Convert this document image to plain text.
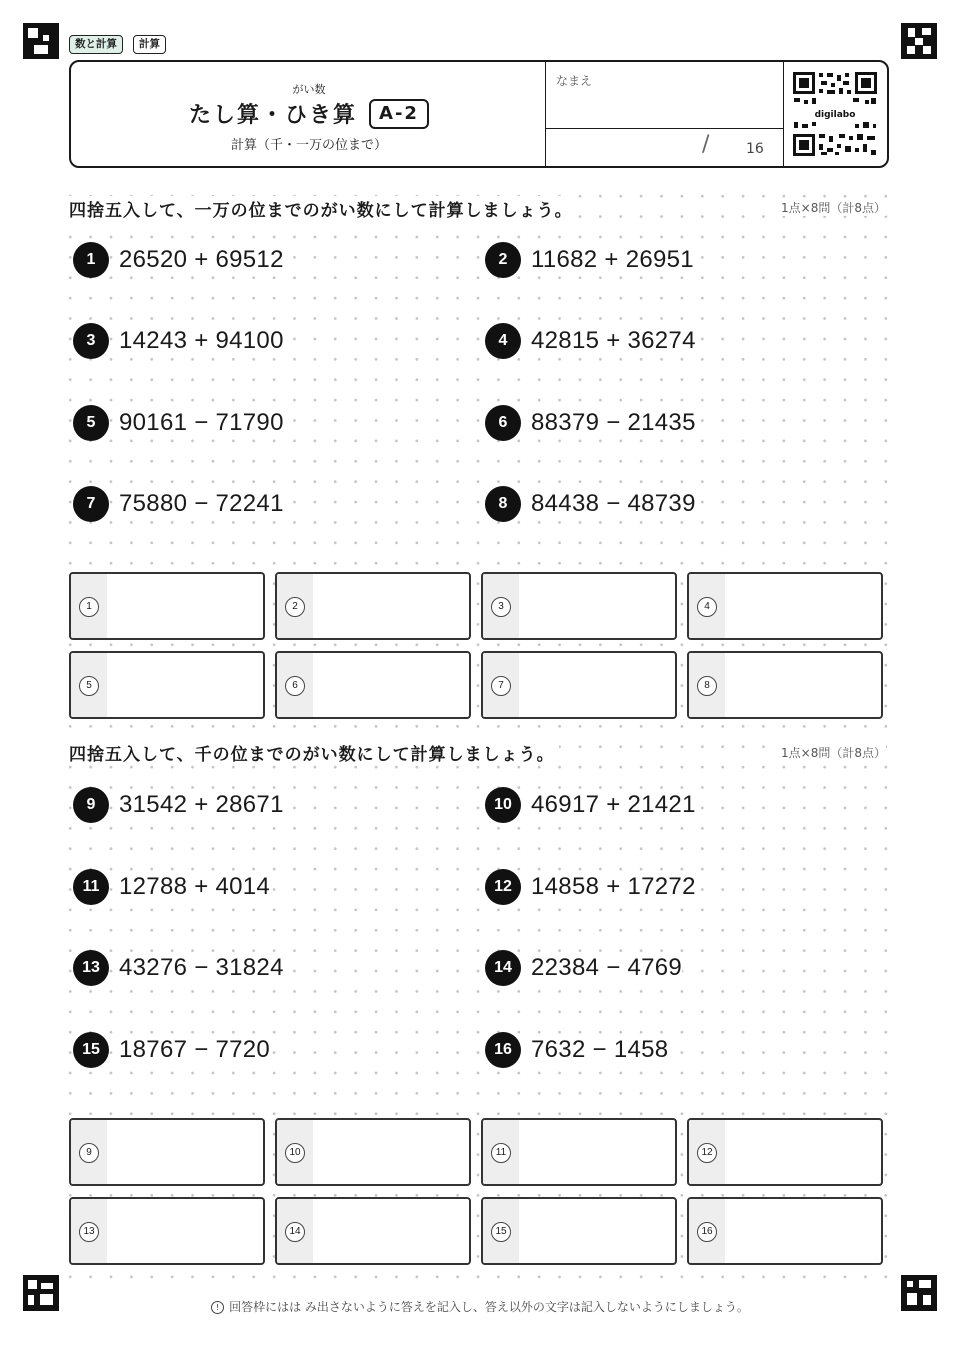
数と計算	計算
がい数
たし算・ひき算	A-2
計算（千・一万の位まで）
なまえ
/	16
digilabo
四捨五入して、一万の位までのがい数にして計算しましょう。	1点×8問（計8点）
1 26520 + 69512	2 11682 + 26951
3 14243 + 94100	4 42815 + 36274
5 90161 − 71790	6 88379 − 21435
7 75880 − 72241	8 84438 − 48739
1	2	3	4
5	6	7	8
四捨五入して、千の位までのがい数にして計算しましょう。	1点×8問（計8点）
9 31542 + 28671	10 46917 + 21421
11 12788 + 4014	12 14858 + 17272
13 43276 − 31824	14 22384 − 4769
15 18767 − 7720	16 7632 − 1458
9	10	11	12
13	14	15	16
! 回答枠にはは み出さないように答えを記入し、答え以外の文字は記入しないようにしましょう。
